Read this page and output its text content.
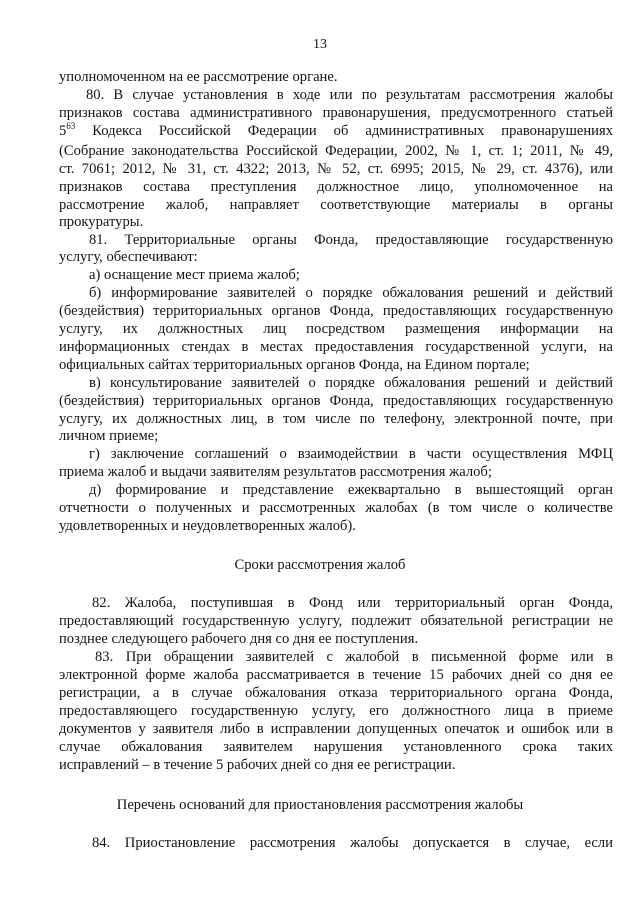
13
уполномоченном на ее рассмотрение органе.
80. В случае установления в ходе или по результатам рассмотрения жалобы
признаков состава административного правонарушения, предусмотренного статьей
$5^{63}$ Кодекса Российской Федерации об административных правонарушениях
(Собрание законодательства Российской Федерации, 2002, № 1, ст. 1; 2011, № 49,
ст. 7061; 2012, № 31, ст. 4322; 2013, № 52, ст. 6995; 2015, № 29, ст. 4376), или
признаков состава преступления должностное лицо, уполномоченное на
рассмотрение жалоб, направляет соответствующие материалы в органы
прокуратуры.
81. Территориальные органы Фонда, предоставляющие государственную
услугу, обеспечивают:
а) оснащение мест приема жалоб;
б) информирование заявителей о порядке обжалования решений и действий
(бездействия) территориальных органов Фонда, предоставляющих государственную
услугу, их должностных лиц посредством размещения информации на
информационных стендах в местах предоставления государственной услуги, на
официальных сайтах территориальных органов Фонда, на Едином портале;
в) консультирование заявителей о порядке обжалования решений и действий
(бездействия) территориальных органов Фонда, предоставляющих государственную
услугу, их должностных лиц, в том числе по телефону, электронной почте, при
личном приеме;
г) заключение соглашений о взаимодействии в части осуществления МФЦ
приема жалоб и выдачи заявителям результатов рассмотрения жалоб;
д) формирование и представление ежеквартально в вышестоящий орган
отчетности о полученных и рассмотренных жалобах (в том числе о количестве
удовлетворенных и неудовлетворенных жалоб).
Сроки рассмотрения жалоб
82. Жалоба, поступившая в Фонд или территориальный орган Фонда,
предоставляющий государственную услугу, подлежит обязательной регистрации не
позднее следующего рабочего дня со дня ее поступления.
83. При обращении заявителей с жалобой в письменной форме или в
электронной форме жалоба рассматривается в течение 15 рабочих дней со дня ее
регистрации, а в случае обжалования отказа территориального органа Фонда,
предоставляющего государственную услугу, его должностного лица в приеме
документов у заявителя либо в исправлении допущенных опечаток и ошибок или в
случае обжалования заявителем нарушения установленного срока таких
исправлений – в течение 5 рабочих дней со дня ее регистрации.
Перечень оснований для приостановления рассмотрения жалобы
84. Приостановление рассмотрения жалобы допускается в случае, если
